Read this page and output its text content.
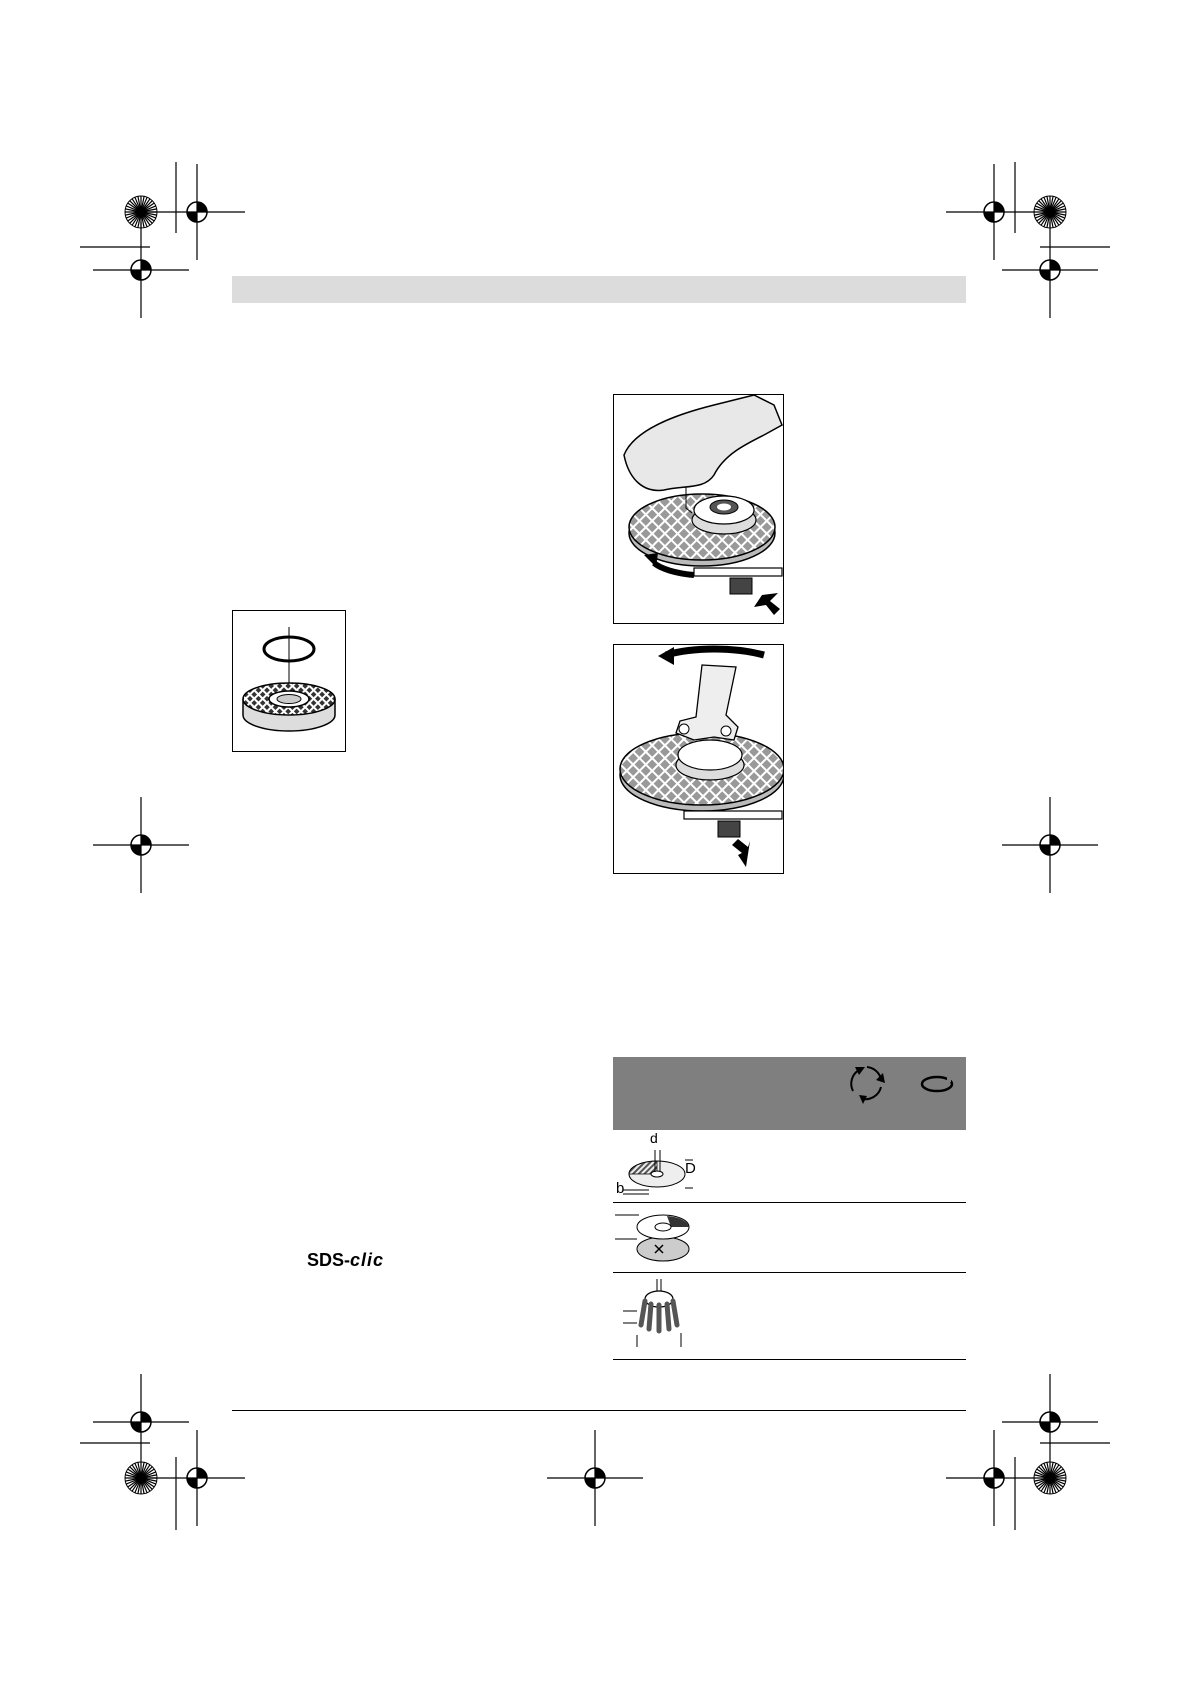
d
D
b
SDS-clic
